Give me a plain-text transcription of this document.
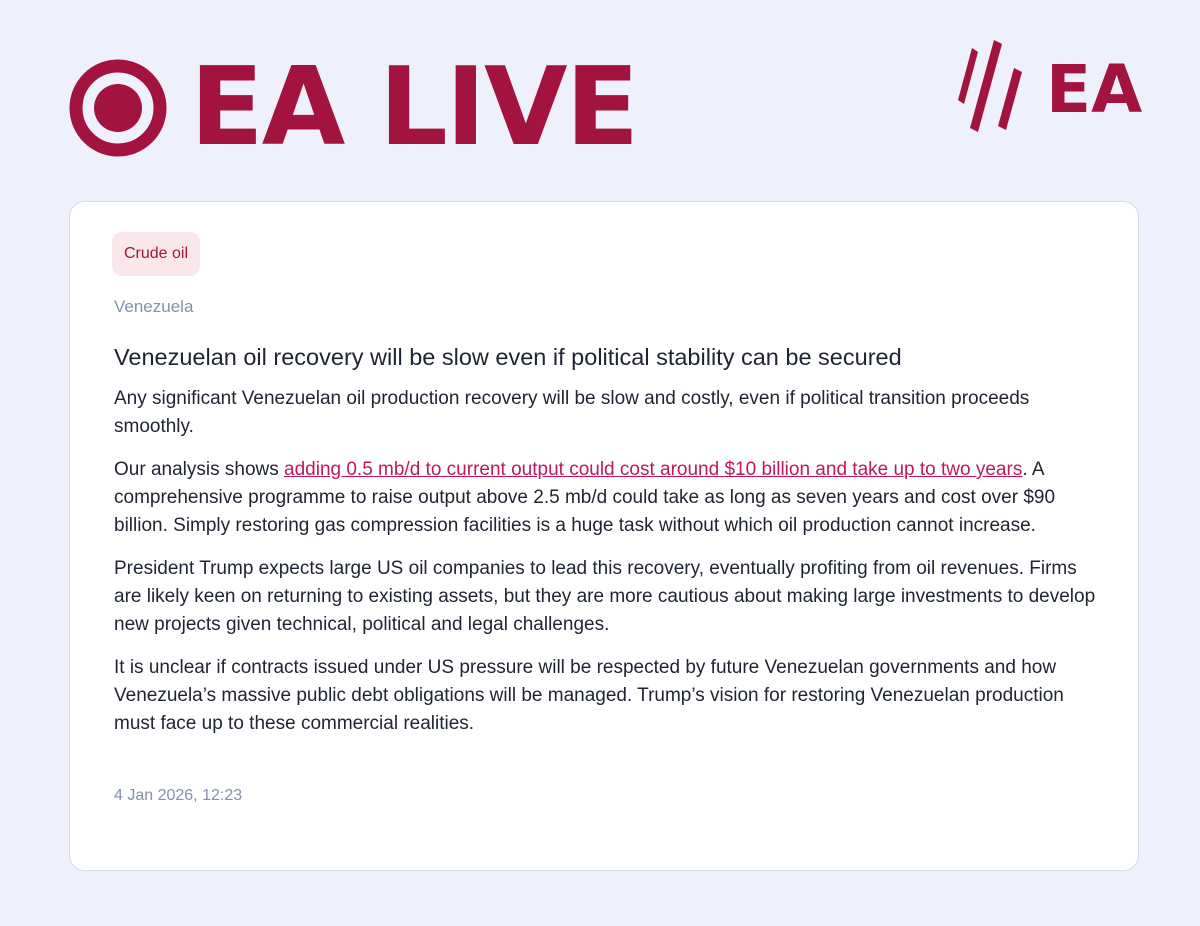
EA LIVE	EA
Crude oil
Venezuela
Venezuelan oil recovery will be slow even if political stability can be secured

Any significant Venezuelan oil production recovery will be slow and costly, even if political transition proceeds smoothly.

Our analysis shows adding 0.5 mb/d to current output could cost around $10 billion and take up to two years. A comprehensive programme to raise output above 2.5 mb/d could take as long as seven years and cost over $90 billion. Simply restoring gas compression facilities is a huge task without which oil production cannot increase.

President Trump expects large US oil companies to lead this recovery, eventually profiting from oil revenues. Firms are likely keen on returning to existing assets, but they are more cautious about making large investments to develop new projects given technical, political and legal challenges.

It is unclear if contracts issued under US pressure will be respected by future Venezuelan governments and how Venezuela’s massive public debt obligations will be managed. Trump’s vision for restoring Venezuelan production must face up to these commercial realities.

4 Jan 2026, 12:23
